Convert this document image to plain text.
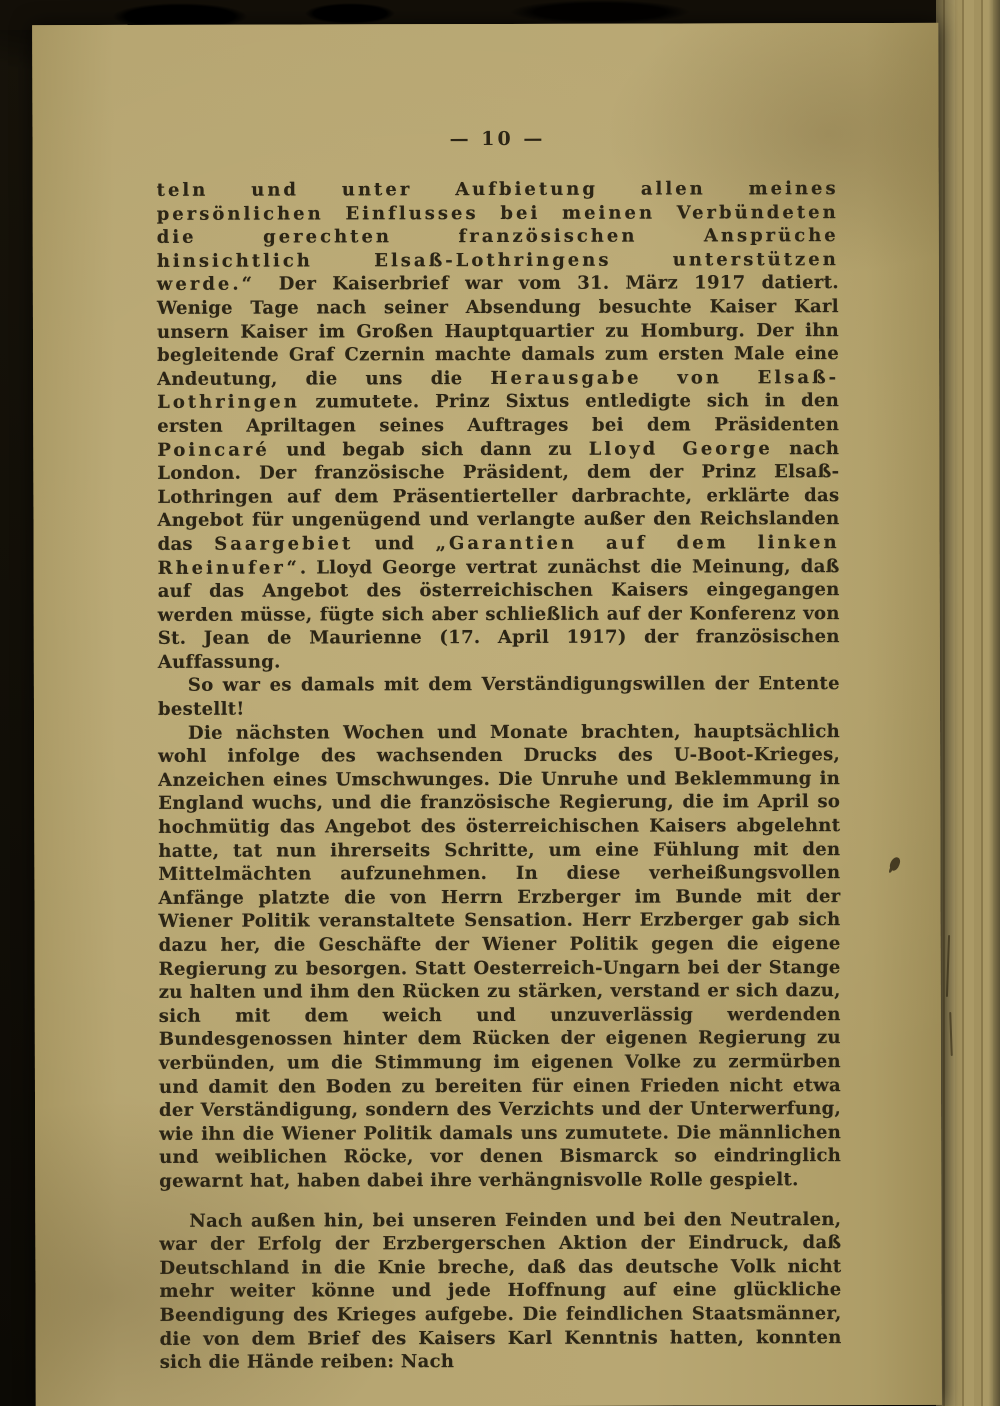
— 10 —

teln und unter Aufbietung allen meines persönlichen Einflusses bei meinen Verbündeten die gerechten französischen Ansprüche hinsichtlich Elsaß-Lothringens unterstützen werde.“ Der Kaiserbrief war vom 31. März 1917 datiert. Wenige Tage nach seiner Absendung besuchte Kaiser Karl unsern Kaiser im Großen Hauptquartier zu Homburg. Der ihn begleitende Graf Czernin machte damals zum ersten Male eine Andeutung, die uns die Herausgabe von Elsaß-Lothringen zumutete. Prinz Sixtus entledigte sich in den ersten Apriltagen seines Auftrages bei dem Präsidenten Poincaré und begab sich dann zu Lloyd George nach London. Der französische Präsident, dem der Prinz Elsaß-Lothringen auf dem Präsentierteller darbrachte, erklärte das Angebot für ungenügend und verlangte außer den Reichslanden das Saargebiet und „Garantien auf dem linken Rheinufer“. Lloyd George vertrat zunächst die Meinung, daß auf das Angebot des österreichischen Kaisers eingegangen werden müsse, fügte sich aber schließlich auf der Konferenz von St. Jean de Maurienne (17. April 1917) der französischen Auffassung.

So war es damals mit dem Verständigungswillen der Entente bestellt!

Die nächsten Wochen und Monate brachten, hauptsächlich wohl infolge des wachsenden Drucks des U-Boot-Krieges, Anzeichen eines Umschwunges. Die Unruhe und Beklemmung in England wuchs, und die französische Regierung, die im April so hochmütig das Angebot des österreichischen Kaisers abgelehnt hatte, tat nun ihrerseits Schritte, um eine Fühlung mit den Mittelmächten aufzunehmen. In diese verheißungsvollen Anfänge platzte die von Herrn Erzberger im Bunde mit der Wiener Politik veranstaltete Sensation. Herr Erzberger gab sich dazu her, die Geschäfte der Wiener Politik gegen die eigene Regierung zu besorgen. Statt Oesterreich-Ungarn bei der Stange zu halten und ihm den Rücken zu stärken, verstand er sich dazu, sich mit dem weich und unzuverlässig werdenden Bundesgenossen hinter dem Rücken der eigenen Regierung zu verbünden, um die Stimmung im eigenen Volke zu zermürben und damit den Boden zu bereiten für einen Frieden nicht etwa der Verständigung, sondern des Verzichts und der Unterwerfung, wie ihn die Wiener Politik damals uns zumutete. Die männlichen und weiblichen Röcke, vor denen Bismarck so eindringlich gewarnt hat, haben dabei ihre verhängnisvolle Rolle gespielt.

Nach außen hin, bei unseren Feinden und bei den Neutralen, war der Erfolg der Erzbergerschen Aktion der Eindruck, daß Deutschland in die Knie breche, daß das deutsche Volk nicht mehr weiter könne und jede Hoffnung auf eine glückliche Beendigung des Krieges aufgebe. Die feindlichen Staatsmänner, die von dem Brief des Kaisers Karl Kenntnis hatten, konnten sich die Hände reiben: Nach
